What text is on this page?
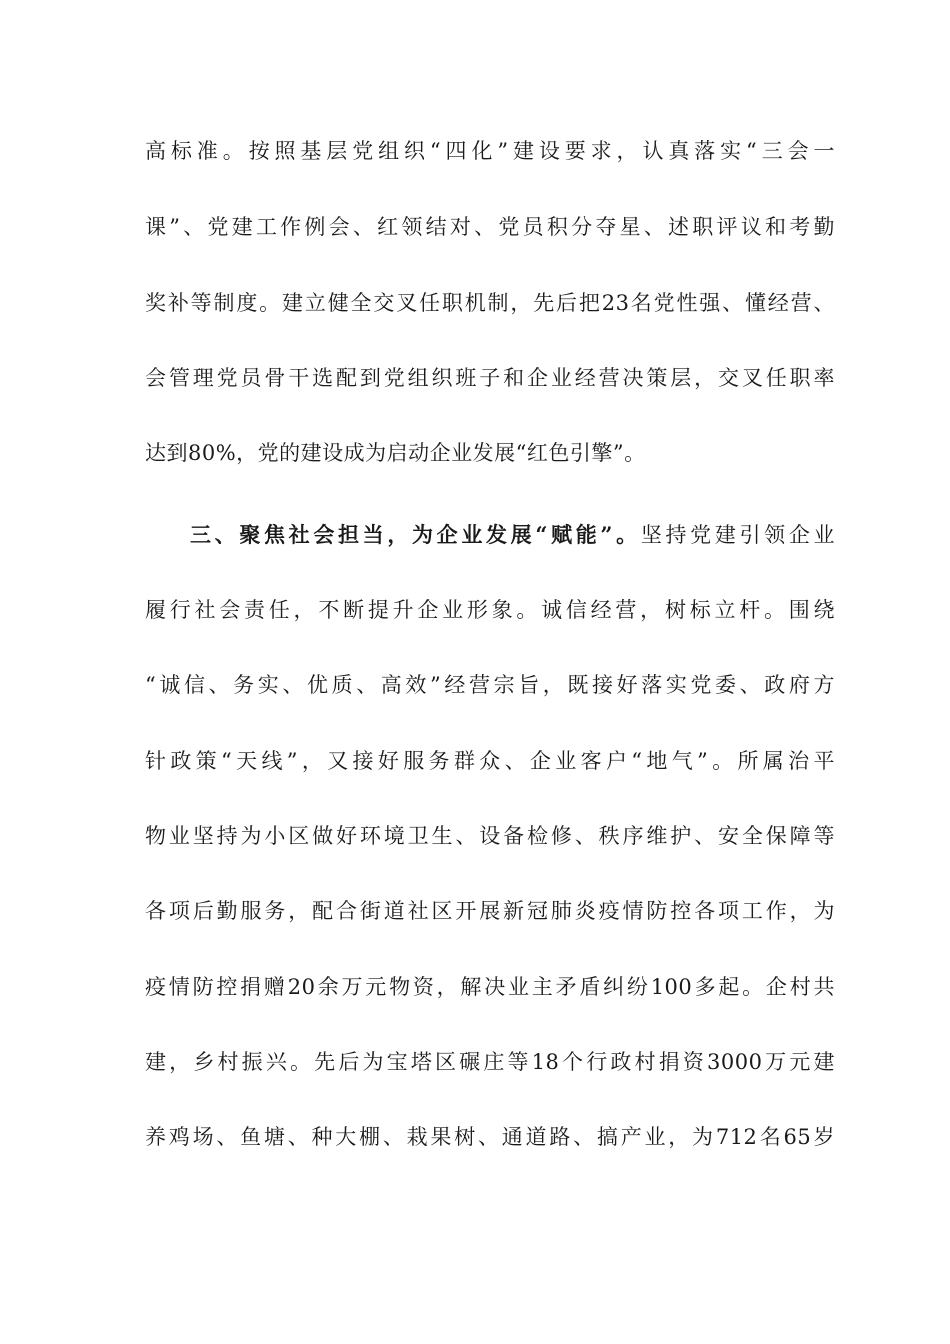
高标准。按照基层党组织“四化”建设要求，认真落实“三会一
课”、党建工作例会、红领结对、党员积分夺星、述职评议和考勤
奖补等制度。建立健全交叉任职机制，先后把23名党性强、懂经营、
会管理党员骨干选配到党组织班子和企业经营决策层，交叉任职率
达到80%，党的建设成为启动企业发展“红色引擎”。
三、聚焦社会担当，为企业发展“赋能”。坚持党建引领企业
履行社会责任，不断提升企业形象。诚信经营，树标立杆。围绕
“诚信、务实、优质、高效”经营宗旨，既接好落实党委、政府方
针政策“天线”，又接好服务群众、企业客户“地气”。所属治平
物业坚持为小区做好环境卫生、设备检修、秩序维护、安全保障等
各项后勤服务，配合街道社区开展新冠肺炎疫情防控各项工作，为
疫情防控捐赠20余万元物资，解决业主矛盾纠纷100多起。企村共
建，乡村振兴。先后为宝塔区碾庄等18个行政村捐资3000万元建
养鸡场、鱼塘、种大棚、栽果树、通道路、搞产业，为712名65岁
